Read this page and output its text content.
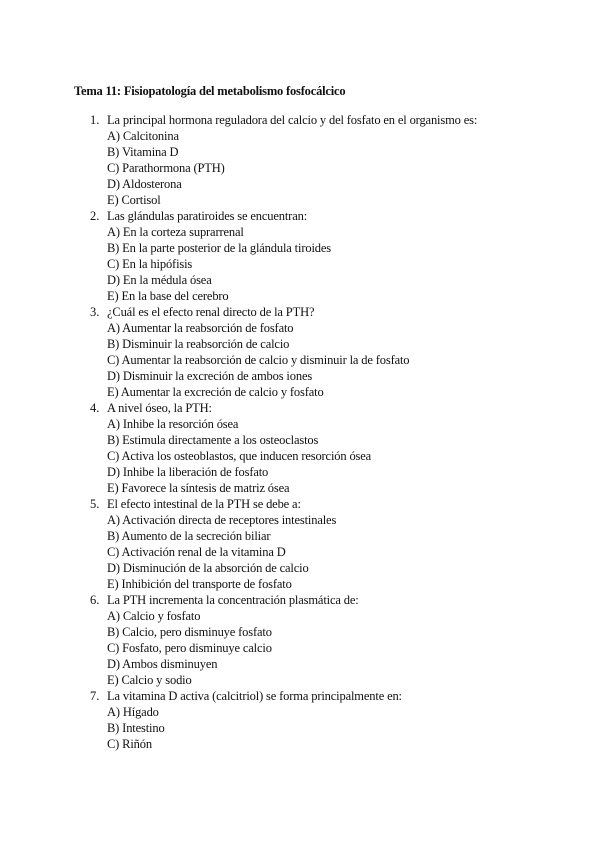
Tema 11: Fisiopatología del metabolismo fosfocálcico
1. La principal hormona reguladora del calcio y del fosfato en el organismo es:
A) Calcitonina
B) Vitamina D
C) Parathormona (PTH)
D) Aldosterona
E) Cortisol
2. Las glándulas paratiroides se encuentran:
A) En la corteza suprarrenal
B) En la parte posterior de la glándula tiroides
C) En la hipófisis
D) En la médula ósea
E) En la base del cerebro
3. ¿Cuál es el efecto renal directo de la PTH?
A) Aumentar la reabsorción de fosfato
B) Disminuir la reabsorción de calcio
C) Aumentar la reabsorción de calcio y disminuir la de fosfato
D) Disminuir la excreción de ambos iones
E) Aumentar la excreción de calcio y fosfato
4. A nivel óseo, la PTH:
A) Inhibe la resorción ósea
B) Estimula directamente a los osteoclastos
C) Activa los osteoblastos, que inducen resorción ósea
D) Inhibe la liberación de fosfato
E) Favorece la síntesis de matriz ósea
5. El efecto intestinal de la PTH se debe a:
A) Activación directa de receptores intestinales
B) Aumento de la secreción biliar
C) Activación renal de la vitamina D
D) Disminución de la absorción de calcio
E) Inhibición del transporte de fosfato
6. La PTH incrementa la concentración plasmática de:
A) Calcio y fosfato
B) Calcio, pero disminuye fosfato
C) Fosfato, pero disminuye calcio
D) Ambos disminuyen
E) Calcio y sodio
7. La vitamina D activa (calcitriol) se forma principalmente en:
A) Hígado
B) Intestino
C) Riñón
